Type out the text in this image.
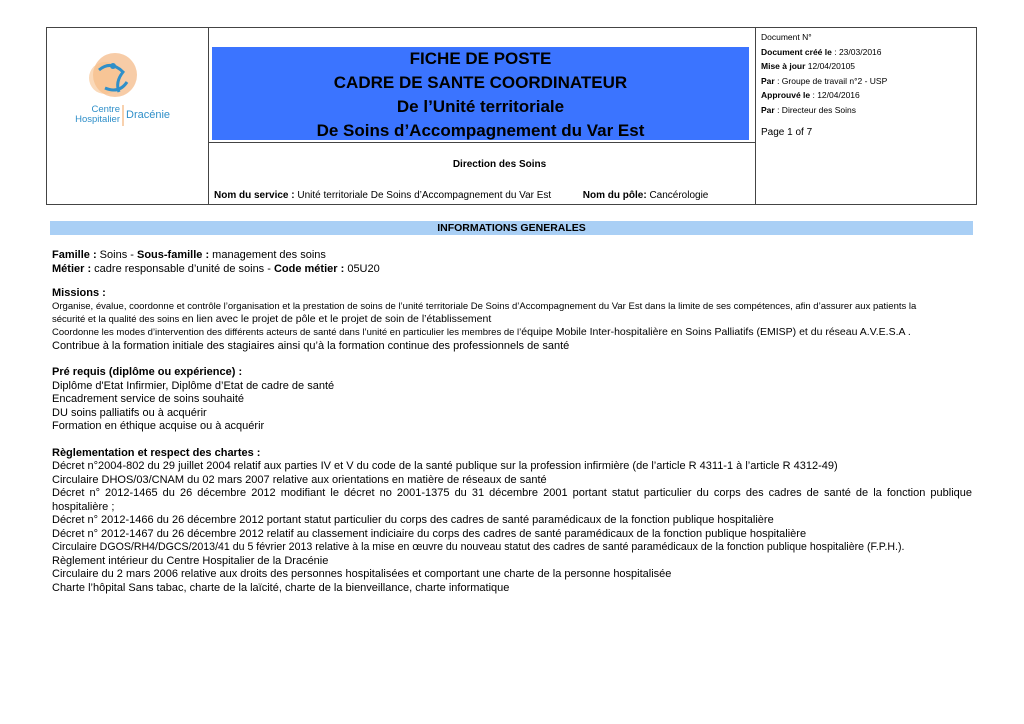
Centre
Hospitalier Dracénie
Document N°
Document créé le : 23/03/2016
Mise à jour 12/04/20105
Par : Groupe de travail n°2 - USP
Approuvé le : 12/04/2016
Par : Directeur des Soins
Page 1 of 7
FICHE DE POSTE
CADRE DE SANTE COORDINATEUR
De l’Unité territoriale
De Soins d’Accompagnement du Var Est
Direction des Soins
Nom du service : Unité territoriale De Soins d’Accompagnement du Var Est	Nom du pôle: Cancérologie
INFORMATIONS GENERALES
Famille : Soins - Sous-famille : management des soins
Métier : cadre responsable d’unité de soins - Code métier : 05U20
Missions :
Organise, évalue, coordonne et contrôle l’organisation et la prestation de soins de l’unité territoriale De Soins d’Accompagnement du Var Est dans la limite de ses compétences, afin d’assurer aux patients la
sécurité et la qualité des soins en lien avec le projet de pôle et le projet de soin de l’établissement
Coordonne les modes d’intervention des différents acteurs de santé dans l’unité en particulier les membres de l’équipe Mobile Inter-hospitalière en Soins Palliatifs (EMISP) et du réseau A.V.E.S.A .
Contribue à la formation initiale des stagiaires ainsi qu’à la formation continue des professionnels de santé
Pré requis (diplôme ou expérience) :
Diplôme d'Etat Infirmier, Diplôme d’Etat de cadre de santé
Encadrement service de soins souhaité
DU soins palliatifs ou à acquérir
Formation en éthique acquise ou à acquérir
Règlementation et respect des chartes :
Décret n°2004-802 du 29 juillet 2004 relatif aux parties IV et V du code de la santé publique sur la profession infirmière (de l’article R 4311-1 à l’article R 4312-49)
Circulaire DHOS/03/CNAM du 02 mars 2007 relative aux orientations en matière de réseaux de santé
Décret n° 2012-1465 du 26 décembre 2012 modifiant le décret no 2001-1375 du 31 décembre 2001 portant statut particulier du corps des cadres de santé de la fonction publique hospitalière ;
Décret n° 2012-1466 du 26 décembre 2012 portant statut particulier du corps des cadres de santé paramédicaux de la fonction publique hospitalière
Décret n° 2012-1467 du 26 décembre 2012 relatif au classement indiciaire du corps des cadres de santé paramédicaux de la fonction publique hospitalière
Circulaire DGOS/RH4/DGCS/2013/41 du 5 février 2013 relative à la mise en œuvre du nouveau statut des cadres de santé paramédicaux de la fonction publique hospitalière (F.P.H.).
Règlement intérieur du Centre Hospitalier de la Dracénie
Circulaire du 2 mars 2006 relative aux droits des personnes hospitalisées et comportant une charte de la personne hospitalisée
Charte l’hôpital Sans tabac, charte de la laïcité, charte de la bienveillance, charte informatique
